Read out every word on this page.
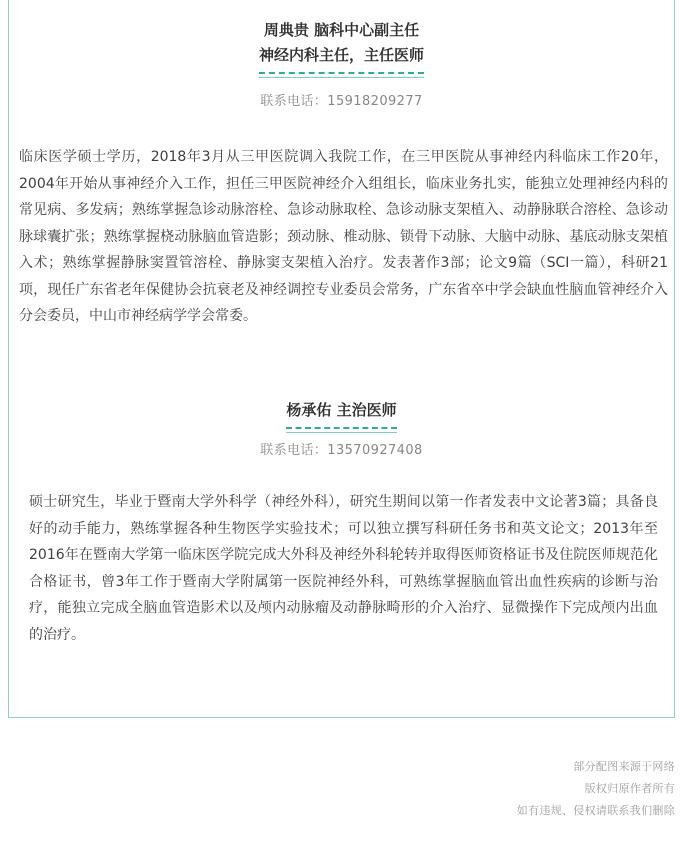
周典贵 脑科中心副主任
神经内科主任，主任医师
联系电话：15918209277

临床医学硕士学历，2018年3月从三甲医院调入我院工作，在三甲医院从事神经内科临床工作20年，2004年开始从事神经介入工作，担任三甲医院神经介入组组长，临床业务扎实，能独立处理神经内科的常见病、多发病；熟练掌握急诊动脉溶栓、急诊动脉取栓、急诊动脉支架植入、动静脉联合溶栓、急诊动脉球囊扩张；熟练掌握桡动脉脑血管造影；颈动脉、椎动脉、锁骨下动脉、大脑中动脉、基底动脉支架植入术；熟练掌握静脉窦置管溶栓、静脉窦支架植入治疗。发表著作3部；论文9篇（SCI一篇），科研21项，现任广东省老年保健协会抗衰老及神经调控专业委员会常务，广东省卒中学会缺血性脑血管神经介入分会委员，中山市神经病学学会常委。

杨承佑 主治医师
联系电话：13570927408

硕士研究生，毕业于暨南大学外科学（神经外科），研究生期间以第一作者发表中文论著3篇；具备良好的动手能力，熟练掌握各种生物医学实验技术；可以独立撰写科研任务书和英文论文；2013年至2016年在暨南大学第一临床医学院完成大外科及神经外科轮转并取得医师资格证书及住院医师规范化合格证书，曾3年工作于暨南大学附属第一医院神经外科，可熟练掌握脑血管出血性疾病的诊断与治疗，能独立完成全脑血管造影术以及颅内动脉瘤及动静脉畸形的介入治疗、显微操作下完成颅内出血的治疗。

部分配图来源于网络
版权归原作者所有
如有违规、侵权请联系我们删除
